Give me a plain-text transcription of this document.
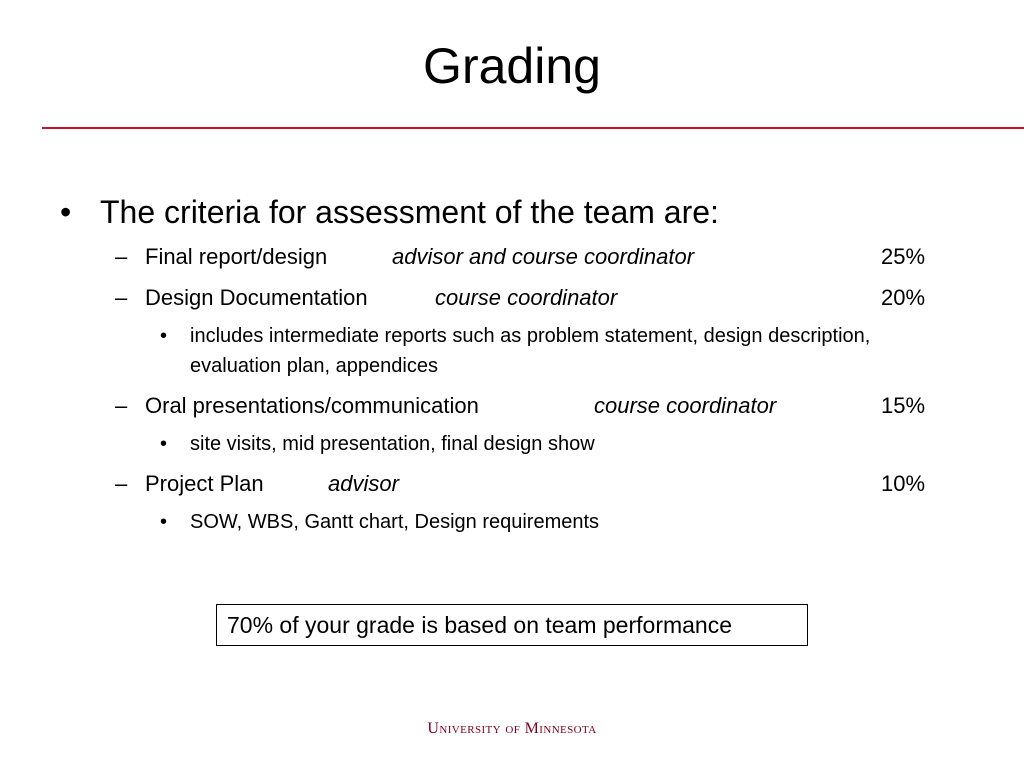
Grading
• The criteria for assessment of the team are:
– Final report/design	advisor and course coordinator	25%
– Design Documentation	course coordinator	20%
• includes intermediate reports such as problem statement, design description, evaluation plan, appendices
– Oral presentations/communication	course coordinator	15%
• site visits, mid presentation, final design show
– Project Plan	advisor	10%
• SOW, WBS, Gantt chart, Design requirements
70% of your grade is based on team performance
University of Minnesota
